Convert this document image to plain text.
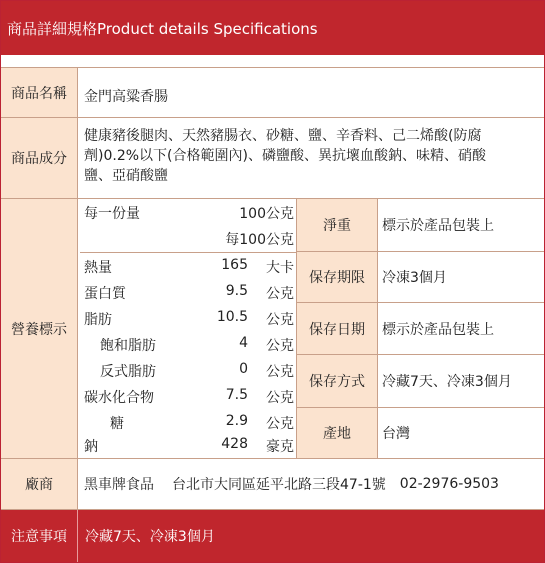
商品詳細規格Product details Specifications
商品名稱	金門高粱香腸
商品成分
健康豬後腿肉、天然豬腸衣、砂糖、鹽、辛香料、己二烯酸(防腐
劑)0.2%以下(合格範圍內)、磷鹽酸、異抗壞血酸鈉、味精、硝酸
鹽、亞硝酸鹽
營養標示
每一份量	100公克
每100公克
熱量	165 大卡
蛋白質	9.5 公克
脂肪	10.5 公克
飽和脂肪	4 公克
反式脂肪	0 公克
碳水化合物	7.5 公克
糖	2.9 公克
鈉	428 豪克
淨重	標示於產品包裝上
保存期限	冷凍3個月
保存日期	標示於產品包裝上
保存方式	冷藏7天、冷凍3個月
產地	台灣
廠商	黑車牌食品 台北市大同區延平北路三段47-1號 02-2976-9503
注意事項	冷藏7天、冷凍3個月
